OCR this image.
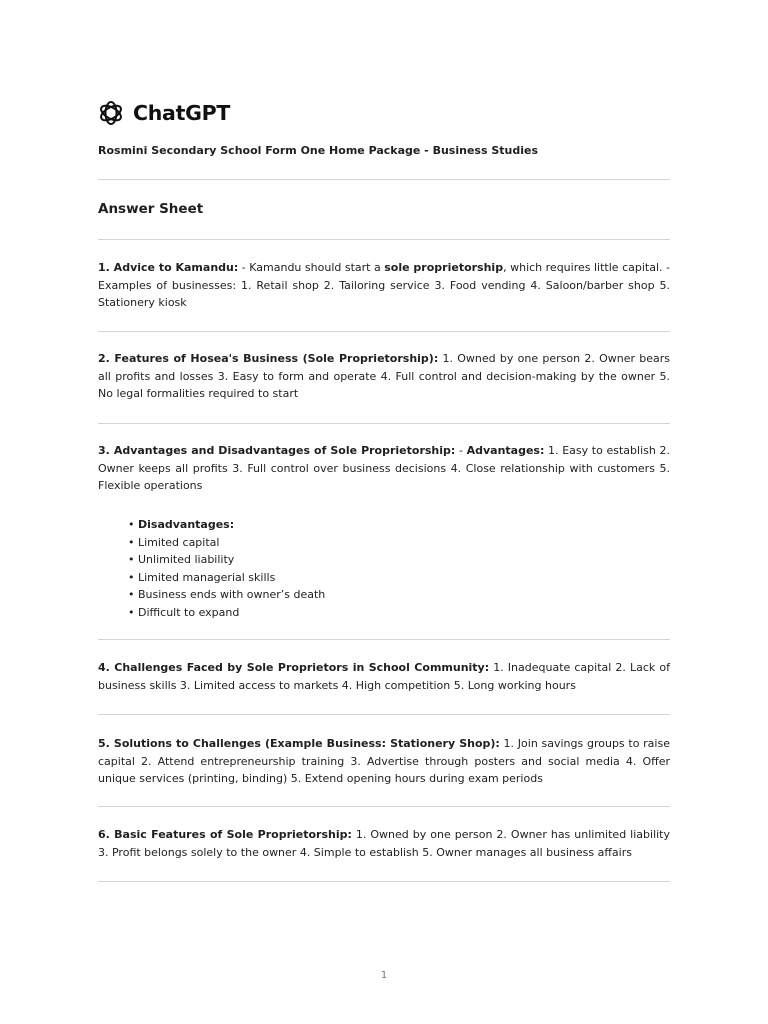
ChatGPT
Rosmini Secondary School Form One Home Package - Business Studies
Answer Sheet
1. Advice to Kamandu: - Kamandu should start a sole proprietorship, which requires little capital. - Examples of businesses: 1. Retail shop 2. Tailoring service 3. Food vending 4. Saloon/barber shop 5. Stationery kiosk
2. Features of Hosea's Business (Sole Proprietorship): 1. Owned by one person 2. Owner bears all profits and losses 3. Easy to form and operate 4. Full control and decision-making by the owner 5. No legal formalities required to start
3. Advantages and Disadvantages of Sole Proprietorship: - Advantages: 1. Easy to establish 2. Owner keeps all profits 3. Full control over business decisions 4. Close relationship with customers 5. Flexible operations
• Disadvantages:
• Limited capital
• Unlimited liability
• Limited managerial skills
• Business ends with owner’s death
• Difficult to expand
4. Challenges Faced by Sole Proprietors in School Community: 1. Inadequate capital 2. Lack of business skills 3. Limited access to markets 4. High competition 5. Long working hours
5. Solutions to Challenges (Example Business: Stationery Shop): 1. Join savings groups to raise capital 2. Attend entrepreneurship training 3. Advertise through posters and social media 4. Offer unique services (printing, binding) 5. Extend opening hours during exam periods
6. Basic Features of Sole Proprietorship: 1. Owned by one person 2. Owner has unlimited liability 3. Profit belongs solely to the owner 4. Simple to establish 5. Owner manages all business affairs
1
